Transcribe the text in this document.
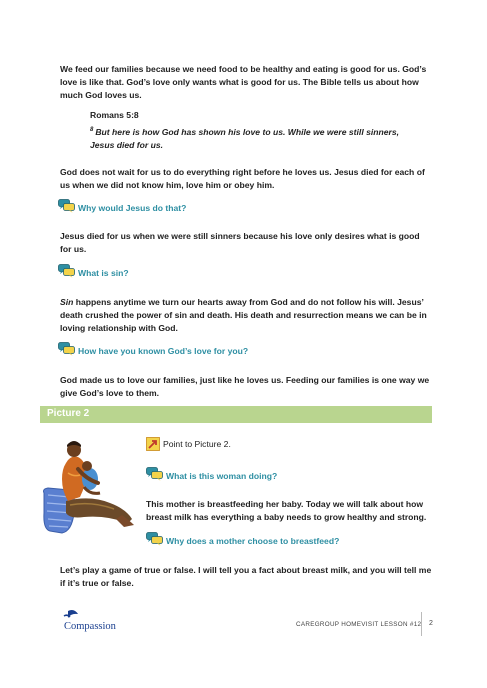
We feed our families because we need food to be healthy and eating is good for us. God’s love is like that. God’s love only wants what is good for us. The Bible tells us about how much God loves us.
Romans 5:8
$^8$ But here is how God has shown his love to us. While we were still sinners, Jesus died for us.
God does not wait for us to do everything right before he loves us. Jesus died for each of us when we did not know him, love him or obey him.
Why would Jesus do that?
Jesus died for us when we were still sinners because his love only desires what is good for us.
What is sin?
Sin happens anytime we turn our hearts away from God and do not follow his will. Jesus’ death crushed the power of sin and death. His death and resurrection means we can be in loving relationship with God.
How have you known God’s love for you?
God made us to love our families, just like he loves us. Feeding our families is one way we give God’s love to them.
Picture 2
Point to Picture 2.
What is this woman doing?
This mother is breastfeeding her baby. Today we will talk about how breast milk has everything a baby needs to grow healthy and strong.
Why does a mother choose to breastfeed?
Let’s play a game of true or false. I will tell you a fact about breast milk, and you will tell me if it’s true or false.
Compassion	CAREGROUP HOMEVISIT LESSON #12 2
